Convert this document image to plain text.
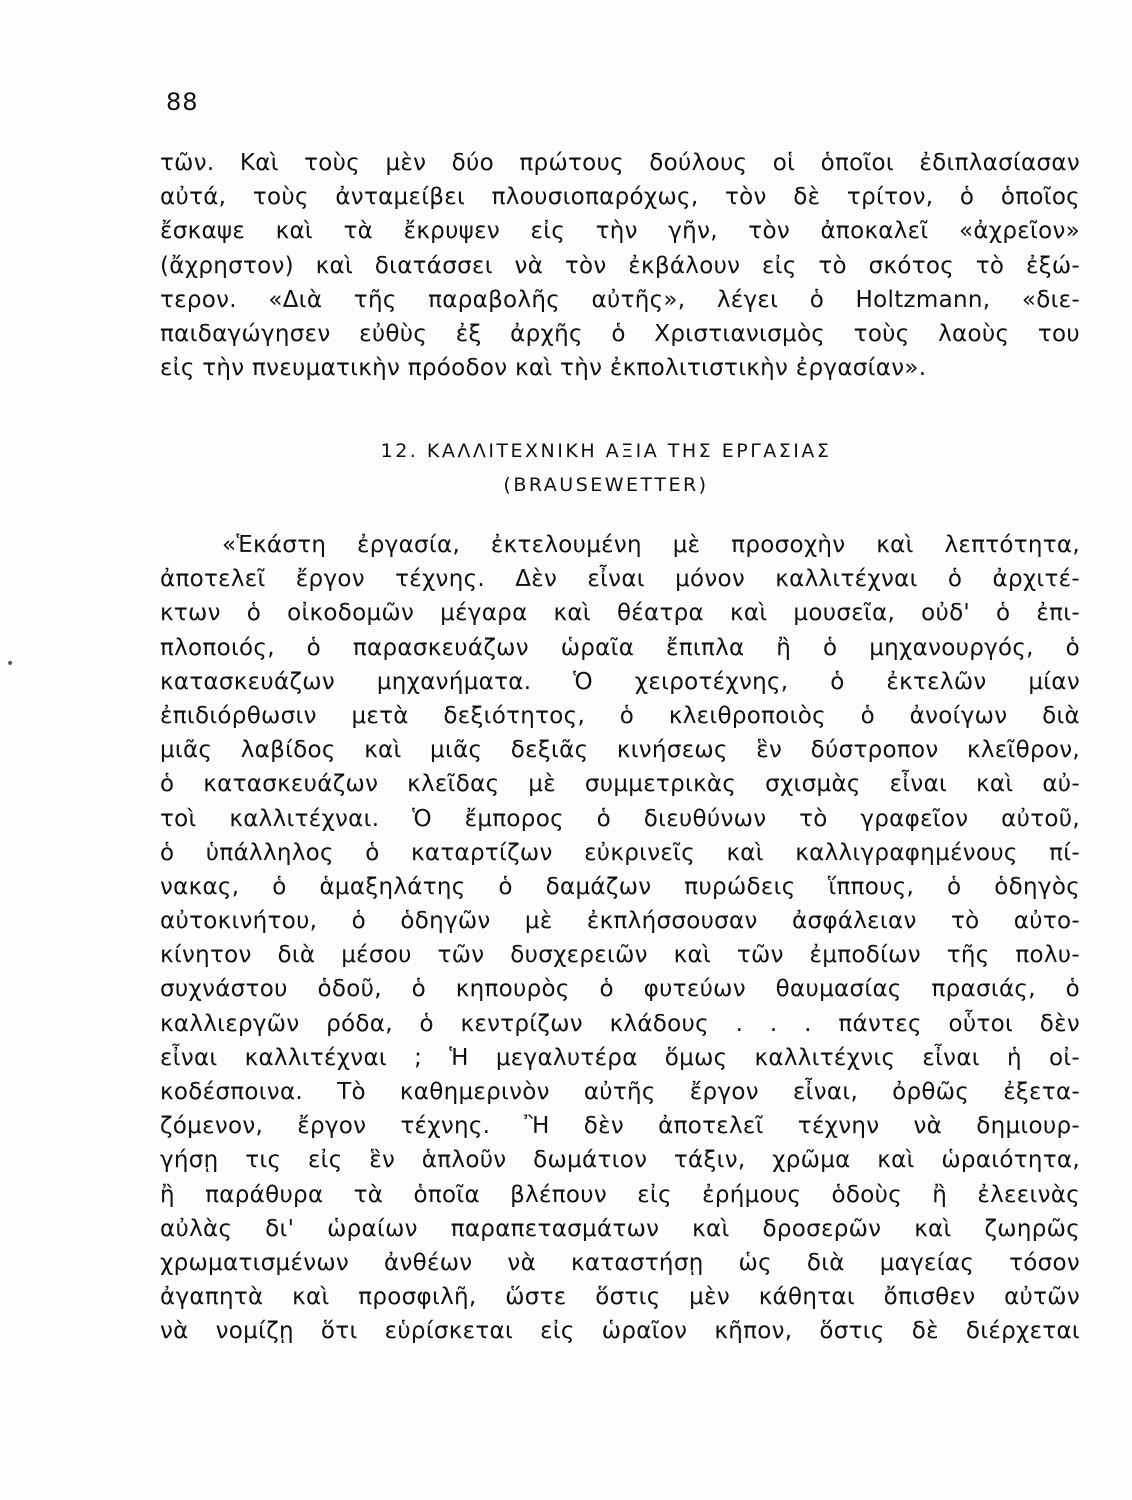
88
•
τῶν. Καὶ τοὺς μὲν δύο πρώτους δούλους οἱ ὁποῖοι ἐδιπλασίασαν
αὐτά, τοὺς ἀνταμείβει πλουσιοπαρόχως, τὸν δὲ τρίτον, ὁ ὁποῖος
ἔσκαψε καὶ τὰ ἔκρυψεν εἰς τὴν γῆν, τὸν ἀποκαλεῖ «ἀχρεῖον»
(ἄχρηστον) καὶ διατάσσει νὰ τὸν ἐκβάλουν εἰς τὸ σκότος τὸ ἐξώ-
τερον. «Διὰ τῆς παραβολῆς αὐτῆς», λέγει ὁ Holtzmann, «διε-
παιδαγώγησεν εὐθὺς ἐξ ἀρχῆς ὁ Χριστιανισμὸς τοὺς λαοὺς του
εἰς τὴν πνευματικὴν πρόοδον καὶ τὴν ἐκπολιτιστικὴν ἐργασίαν».
12. ΚΑΛΛΙΤΕΧΝΙΚΗ ΑΞΙΑ ΤΗΣ ΕΡΓΑΣΙΑΣ
(BRAUSEWETTER)
«Ἑκάστη ἐργασία, ἐκτελουμένη μὲ προσοχὴν καὶ λεπτότητα,
ἀποτελεῖ ἔργον τέχνης. Δὲν εἶναι μόνον καλλιτέχναι ὁ ἀρχιτέ-
κτων ὁ οἰκοδομῶν μέγαρα καὶ θέατρα καὶ μουσεῖα, οὐδ' ὁ ἐπι-
πλοποιός, ὁ παρασκευάζων ὡραῖα ἔπιπλα ἢ ὁ μηχανουργός, ὁ
κατασκευάζων μηχανήματα. Ὁ χειροτέχνης, ὁ ἐκτελῶν μίαν
ἐπιδιόρθωσιν μετὰ δεξιότητος, ὁ κλειθροποιὸς ὁ ἀνοίγων διὰ
μιᾶς λαβίδος καὶ μιᾶς δεξιᾶς κινήσεως ἓν δύστροπον κλεῖθρον,
ὁ κατασκευάζων κλεῖδας μὲ συμμετρικὰς σχισμὰς εἶναι καὶ αὐ-
τοὶ καλλιτέχναι. Ὁ ἔμπορος ὁ διευθύνων τὸ γραφεῖον αὐτοῦ,
ὁ ὑπάλληλος ὁ καταρτίζων εὐκρινεῖς καὶ καλλιγραφημένους πί-
νακας, ὁ ἁμαξηλάτης ὁ δαμάζων πυρώδεις ἵππους, ὁ ὁδηγὸς
αὐτοκινήτου, ὁ ὁδηγῶν μὲ ἐκπλήσσουσαν ἀσφάλειαν τὸ αὐτο-
κίνητον διὰ μέσου τῶν δυσχερειῶν καὶ τῶν ἐμποδίων τῆς πολυ-
συχνάστου ὁδοῦ, ὁ κηπουρὸς ὁ φυτεύων θαυμασίας πρασιάς, ὁ
καλλιεργῶν ρόδα, ὁ κεντρίζων κλάδους . . . πάντες οὗτοι δὲν
εἶναι καλλιτέχναι ; Ἡ μεγαλυτέρα ὅμως καλλιτέχνις εἶναι ἡ οἰ-
κοδέσποινα. Τὸ καθημερινὸν αὐτῆς ἔργον εἶναι, ὀρθῶς ἐξετα-
ζόμενον, ἔργον τέχνης. Ἢ δὲν ἀποτελεῖ τέχνην νὰ δημιουρ-
γήσῃ τις εἰς ἓν ἁπλοῦν δωμάτιον τάξιν, χρῶμα καὶ ὡραιότητα,
ἢ παράθυρα τὰ ὁποῖα βλέπουν εἰς ἐρήμους ὁδοὺς ἢ ἐλεεινὰς
αὐλὰς δι' ὡραίων παραπετασμάτων καὶ δροσερῶν καὶ ζωηρῶς
χρωματισμένων ἀνθέων νὰ καταστήσῃ ὡς διὰ μαγείας τόσον
ἀγαπητὰ καὶ προσφιλῆ, ὥστε ὅστις μὲν κάθηται ὄπισθεν αὐτῶν
νὰ νομίζῃ ὅτι εὑρίσκεται εἰς ὡραῖον κῆπον, ὅστις δὲ διέρχεται
